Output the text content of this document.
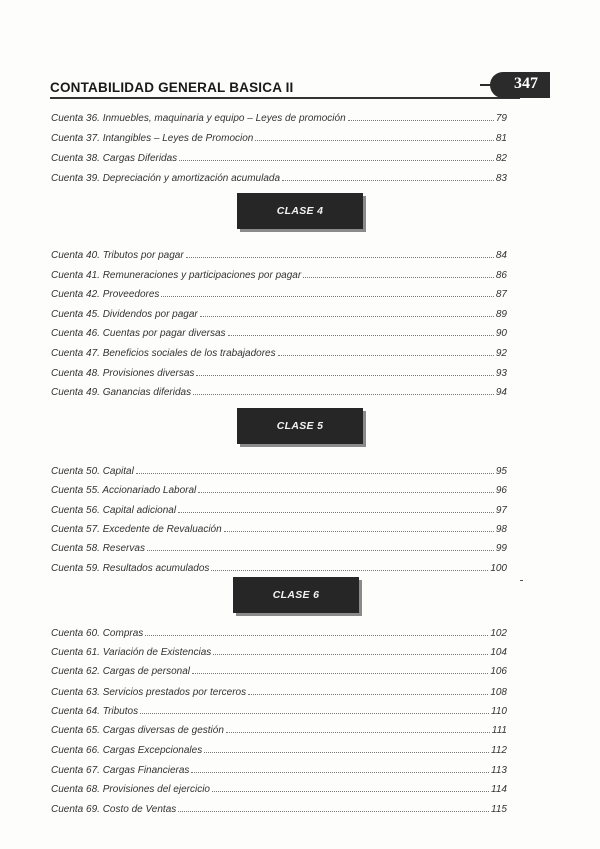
CONTABILIDAD GENERAL BASICA II	347
Cuenta 36. Inmuebles, maquinaria y equipo – Leyes de promoción	79
Cuenta 37. Intangibles – Leyes de Promocion	81
Cuenta 38. Cargas Diferidas	82
Cuenta 39. Depreciación y amortización acumulada	83
CLASE 4
Cuenta 40. Tributos por pagar	84
Cuenta 41. Remuneraciones y participaciones por pagar	86
Cuenta 42. Proveedores	87
Cuenta 45. Dividendos por pagar	89
Cuenta 46. Cuentas por pagar diversas	90
Cuenta 47. Beneficios sociales de los trabajadores	92
Cuenta 48. Provisiones diversas	93
Cuenta 49. Ganancias diferidas	94
CLASE 5
Cuenta 50. Capital	95
Cuenta 55. Accionariado Laboral	96
Cuenta 56. Capital adicional	97
Cuenta 57. Excedente de Revaluación	98
Cuenta 58. Reservas	99
Cuenta 59. Resultados acumulados	100
CLASE 6
Cuenta 60. Compras	102
Cuenta 61. Variación de Existencias	104
Cuenta 62. Cargas de personal	106
Cuenta 63. Servicios prestados por terceros	108
Cuenta 64. Tributos	110
Cuenta 65. Cargas diversas de gestión	111
Cuenta 66. Cargas Excepcionales	112
Cuenta 67. Cargas Financieras	113
Cuenta 68. Provisiones del ejercicio	114
Cuenta 69. Costo de Ventas	115
